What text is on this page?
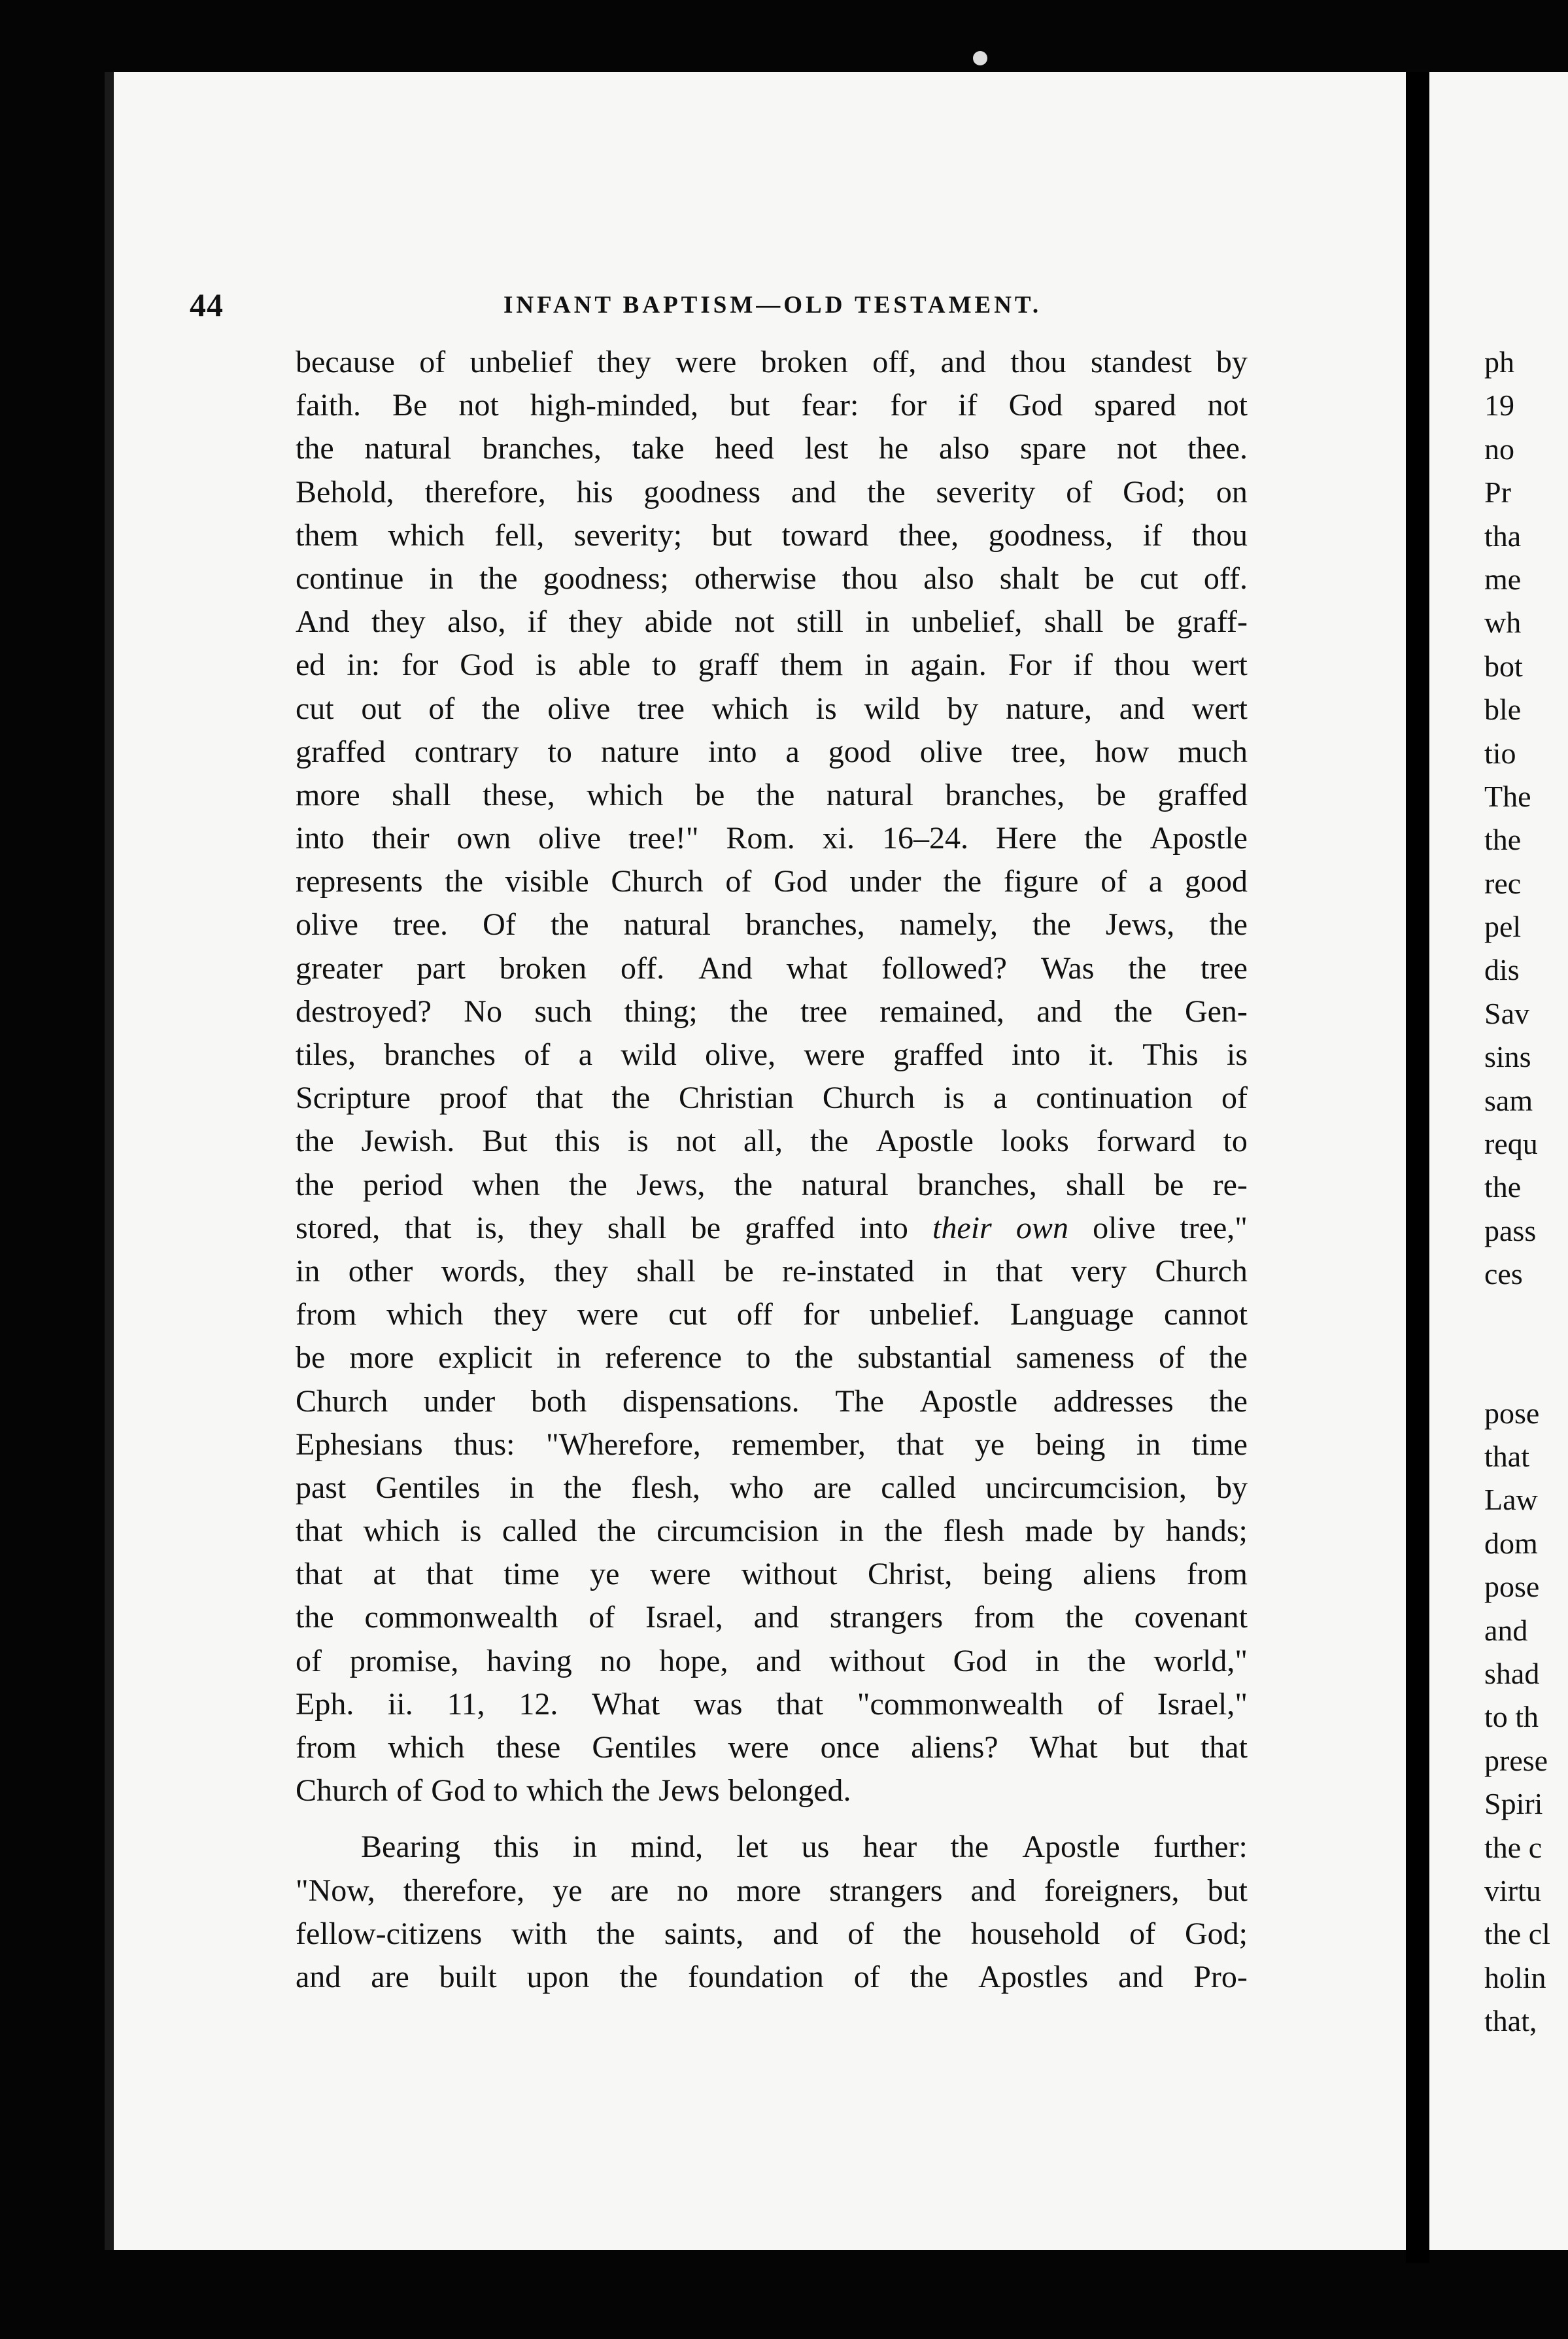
44	INFANT BAPTISM—OLD TESTAMENT.
because of unbelief they were broken off, and thou standest by
faith. Be not high-minded, but fear: for if God spared not
the natural branches, take heed lest he also spare not thee.
Behold, therefore, his goodness and the severity of God; on
them which fell, severity; but toward thee, goodness, if thou
continue in the goodness; otherwise thou also shalt be cut off.
And they also, if they abide not still in unbelief, shall be graff-
ed in: for God is able to graff them in again. For if thou wert
cut out of the olive tree which is wild by nature, and wert
graffed contrary to nature into a good olive tree, how much
more shall these, which be the natural branches, be graffed
into their own olive tree!" Rom. xi. 16–24. Here the Apostle
represents the visible Church of God under the figure of a good
olive tree. Of the natural branches, namely, the Jews, the
greater part broken off. And what followed? Was the tree
destroyed? No such thing; the tree remained, and the Gen-
tiles, branches of a wild olive, were graffed into it. This is
Scripture proof that the Christian Church is a continuation of
the Jewish. But this is not all, the Apostle looks forward to
the period when the Jews, the natural branches, shall be re-
stored, that is, they shall be graffed into their own olive tree,"
in other words, they shall be re-instated in that very Church
from which they were cut off for unbelief. Language cannot
be more explicit in reference to the substantial sameness of the
Church under both dispensations. The Apostle addresses the
Ephesians thus: "Wherefore, remember, that ye being in time
past Gentiles in the flesh, who are called uncircumcision, by
that which is called the circumcision in the flesh made by hands;
that at that time ye were without Christ, being aliens from
the commonwealth of Israel, and strangers from the covenant
of promise, having no hope, and without God in the world,"
Eph. ii. 11, 12. What was that "commonwealth of Israel,"
from which these Gentiles were once aliens? What but that
Church of God to which the Jews belonged.
Bearing this in mind, let us hear the Apostle further:
"Now, therefore, ye are no more strangers and foreigners, but
fellow-citizens with the saints, and of the household of God;
and are built upon the foundation of the Apostles and Pro-
ph
19
no
Pr
tha
me
wh
bot
ble
tio
The
the
rec
pel
dis
Sav
sins
sam
requ
the
pass
ces
pose
that
Law
dom
pose
and
shad
to th
prese
Spiri
the c
virtu
the cl
holin
that,
